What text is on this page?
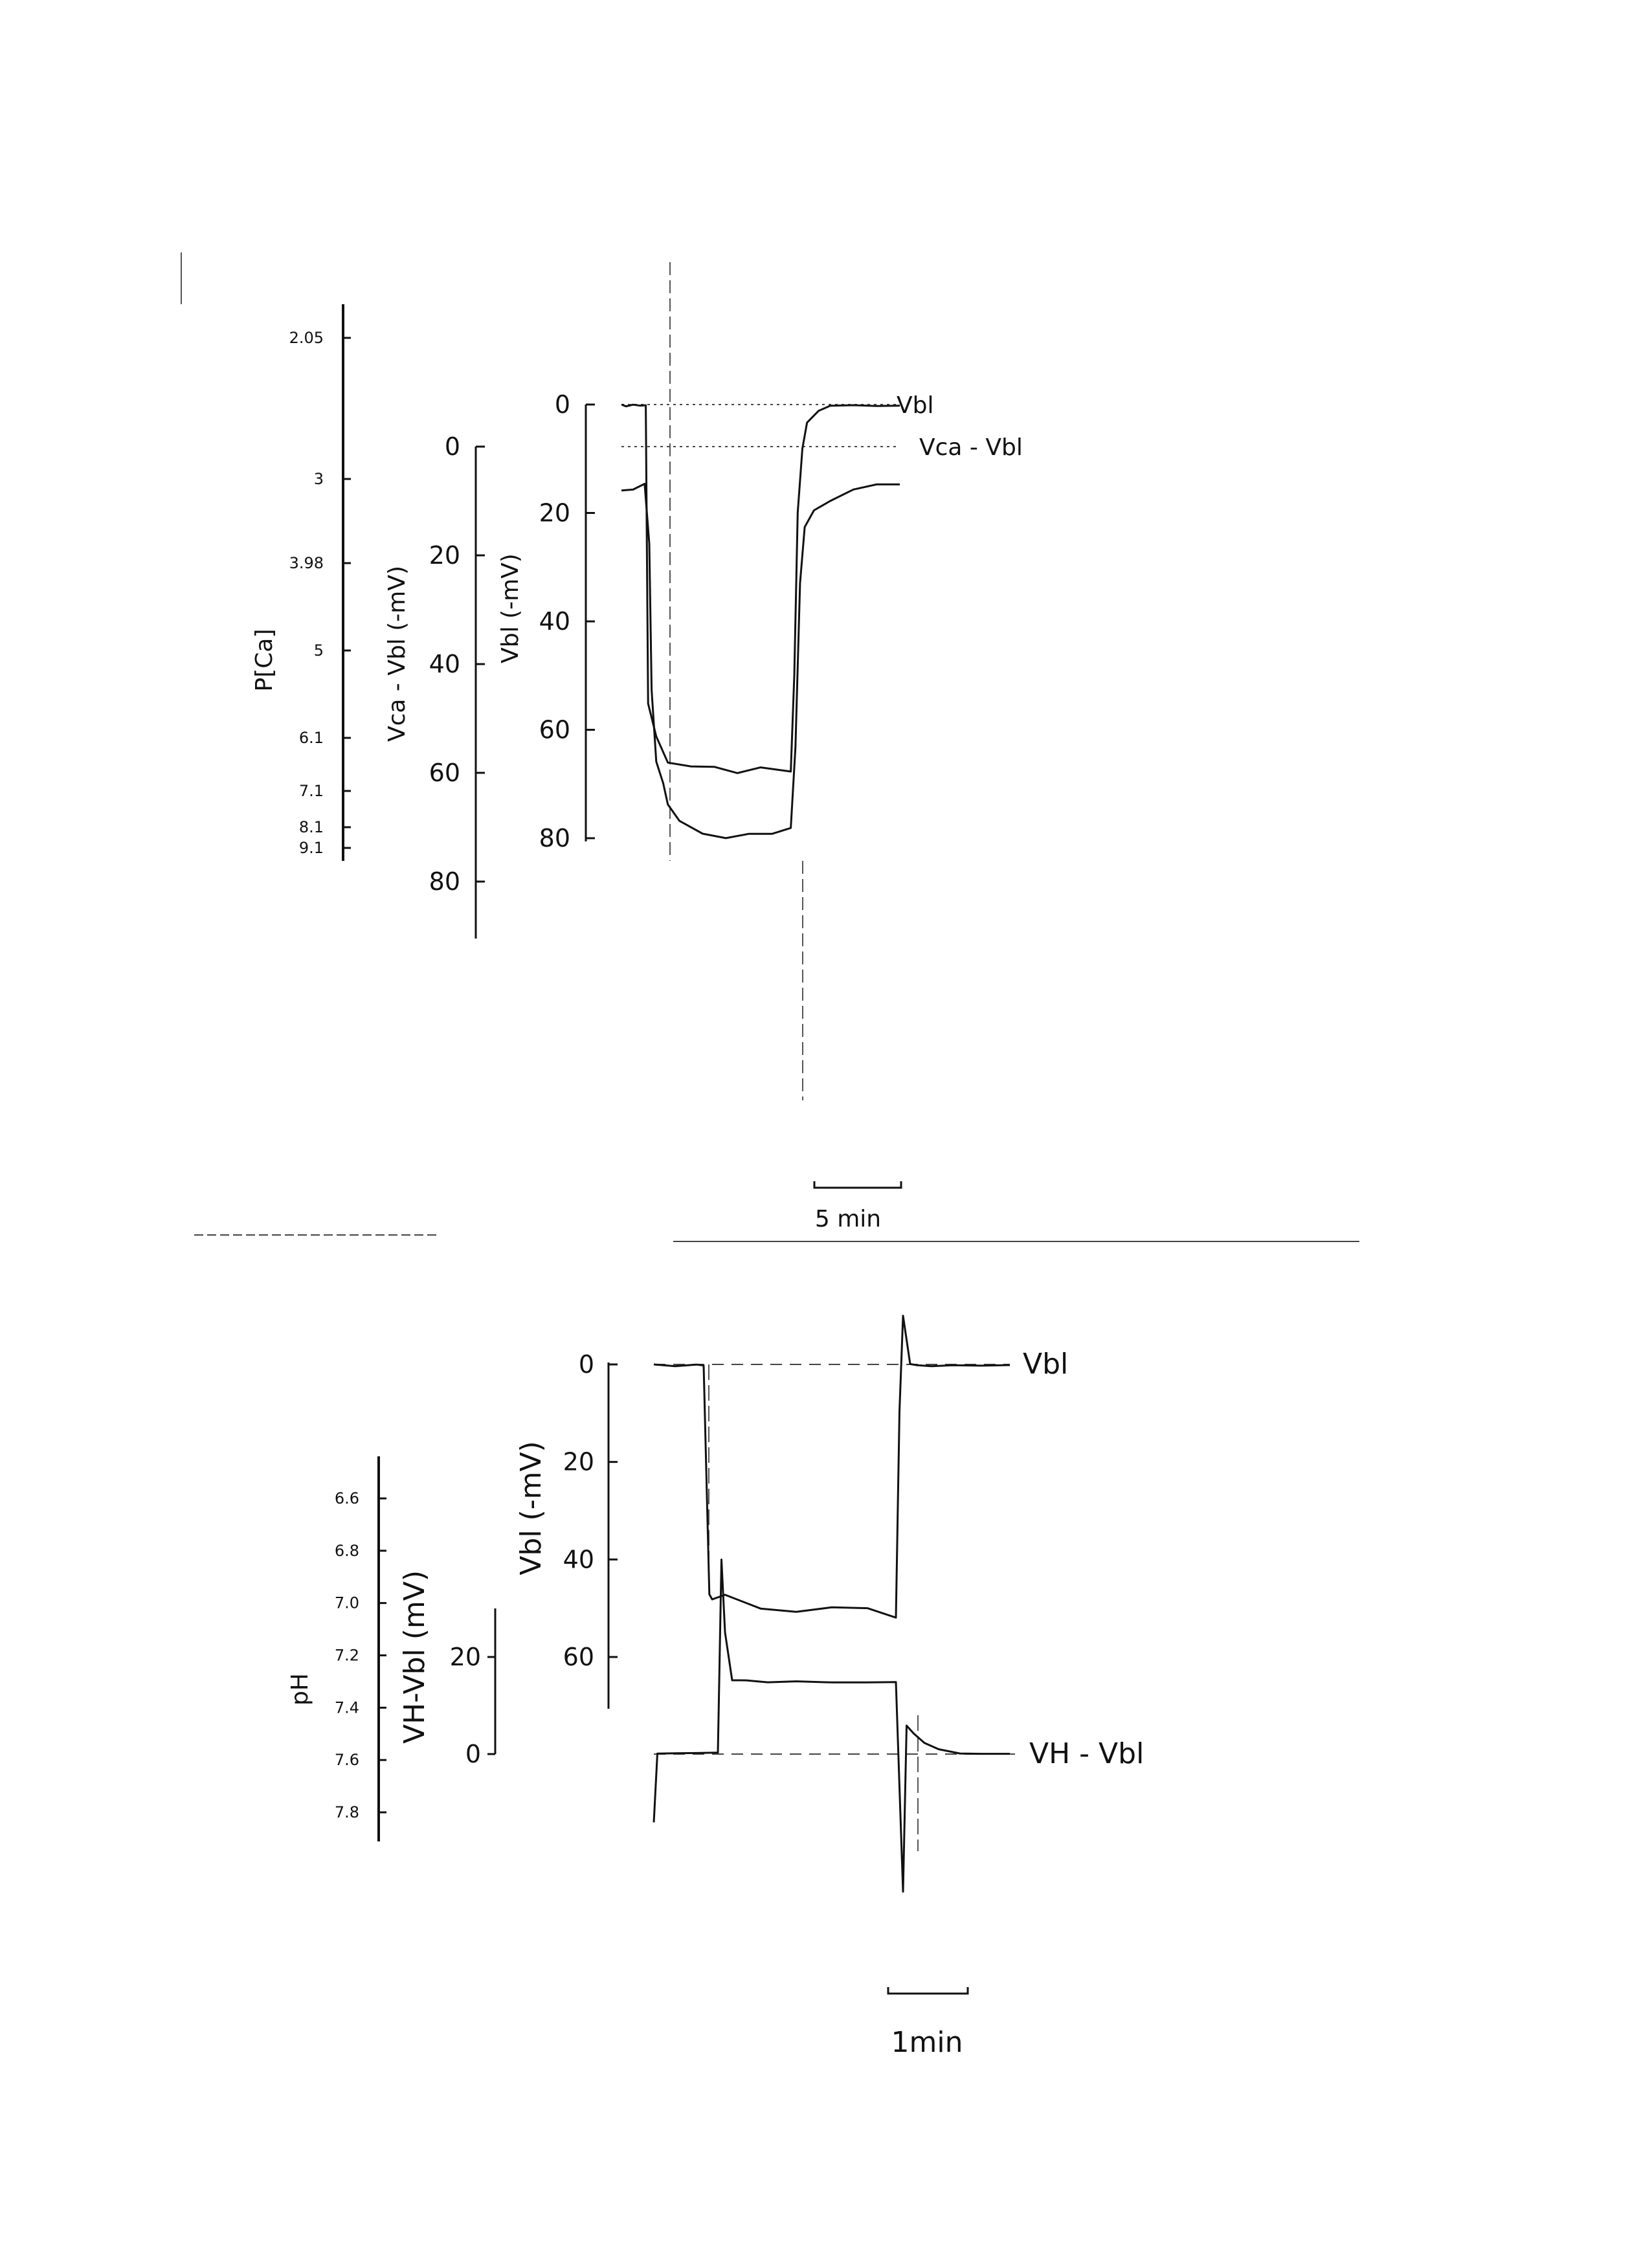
2.05
3
3.98
5
6.1
7.1
8.1
9.1
P[Ca]
0
20
40
60
80
Vca - Vbl (-mV)
0
20
40
60
80
Vbl (-mV)
Vbl
Vca - Vbl
5 min
6.6
6.8
7.0
7.2
7.4
7.6
7.8
pH
20
0
VH-Vbl (mV)
0
20
40
60
Vbl (-mV)
Vbl
VH - Vbl
1min
